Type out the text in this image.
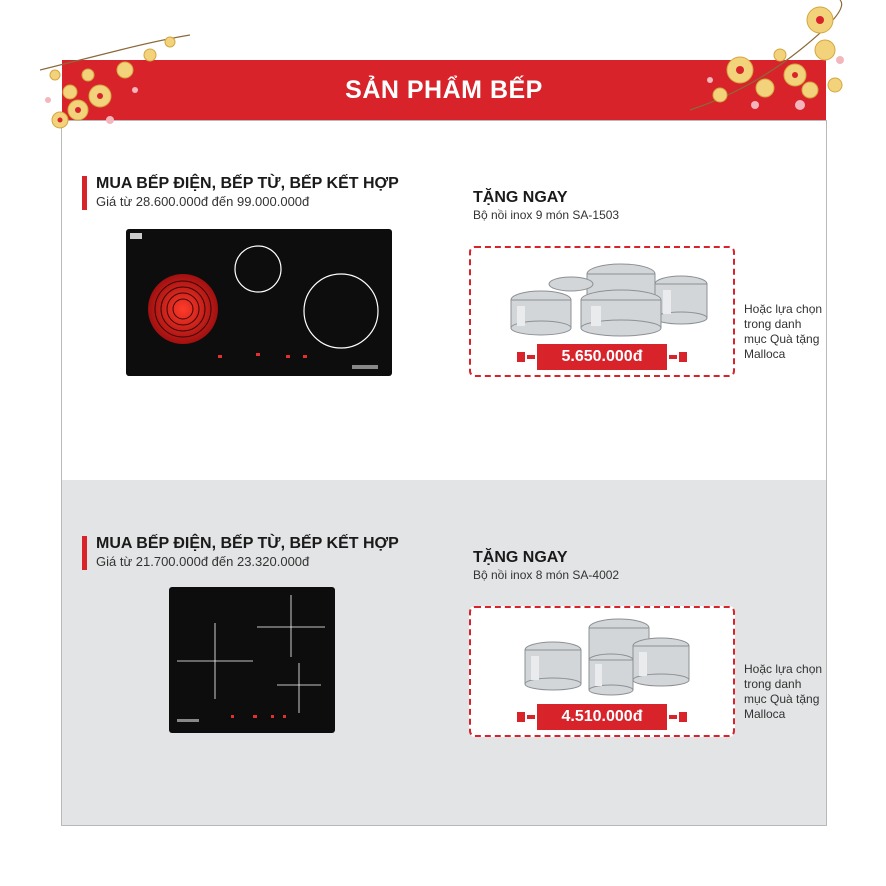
SẢN PHẨM BẾP
MUA BẾP ĐIỆN, BẾP TỪ, BẾP KẾT HỢP
Giá từ 28.600.000đ đến 99.000.000đ	TẶNG NGAY
Bộ nồi inox 9 món SA-1503
5.650.000đ
Hoặc lựa chọn trong danh mục Quà tặng Malloca
MUA BẾP ĐIỆN, BẾP TỪ, BẾP KẾT HỢP
Giá từ 21.700.000đ đến 23.320.000đ	TẶNG NGAY
Bộ nồi inox 8 món SA-4002
4.510.000đ
Hoặc lựa chọn trong danh mục Quà tặng Malloca
